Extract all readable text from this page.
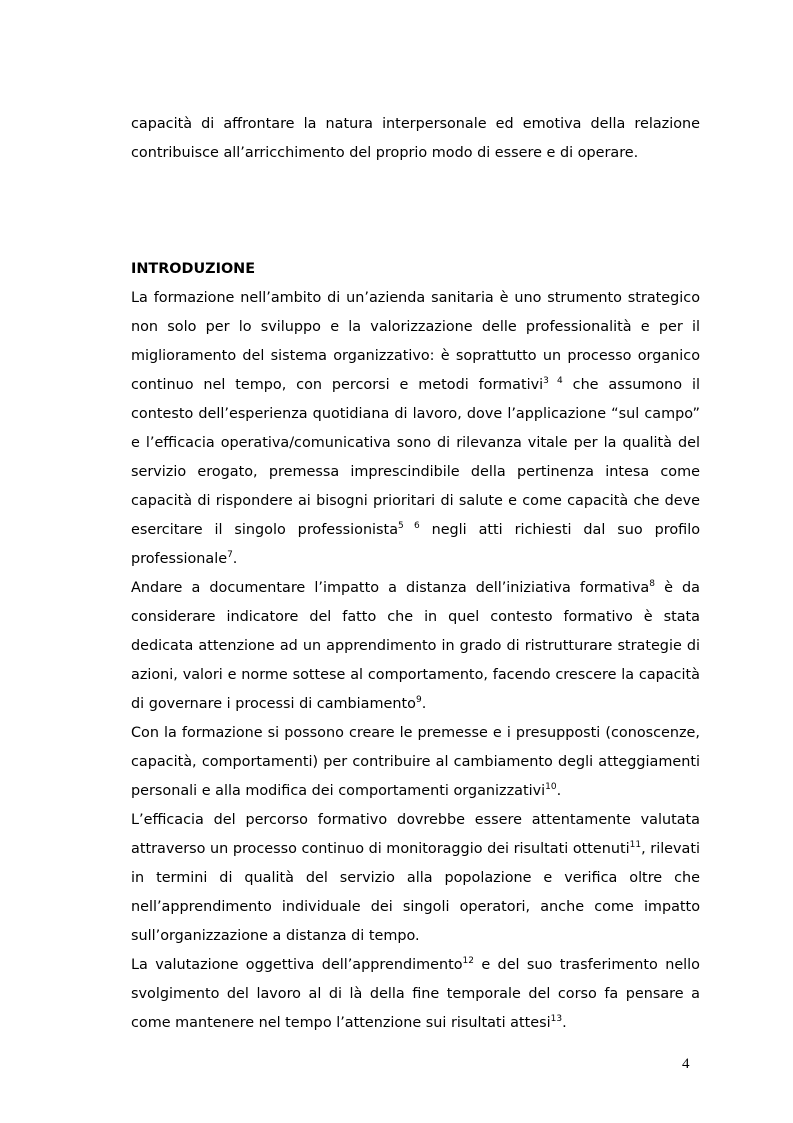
capacità di affrontare la natura interpersonale ed emotiva della relazione contribuisce all’arricchimento del proprio modo di essere e di operare.

INTRODUZIONE

La formazione nell’ambito di un’azienda sanitaria è uno strumento strategico non solo per lo sviluppo e la valorizzazione delle professionalità e per il miglioramento del sistema organizzativo: è soprattutto un processo organico continuo nel tempo, con percorsi e metodi formativi$^{3 4}$ che assumono il contesto dell’esperienza quotidiana di lavoro, dove l’applicazione “sul campo” e l’efficacia operativa/comunicativa sono di rilevanza vitale per la qualità del servizio erogato, premessa imprescindibile della pertinenza intesa come capacità di rispondere ai bisogni prioritari di salute e come capacità che deve esercitare il singolo professionista$^{5 6}$ negli atti richiesti dal suo profilo professionale$^7$.

Andare a documentare l’impatto a distanza dell’iniziativa formativa$^8$ è da considerare indicatore del fatto che in quel contesto formativo è stata dedicata attenzione ad un apprendimento in grado di ristrutturare strategie di azioni, valori e norme sottese al comportamento, facendo crescere la capacità di governare i processi di cambiamento$^9$.

Con la formazione si possono creare le premesse e i presupposti (conoscenze, capacità, comportamenti) per contribuire al cambiamento degli atteggiamenti personali e alla modifica dei comportamenti organizzativi$^{10}$.

L’efficacia del percorso formativo dovrebbe essere attentamente valutata attraverso un processo continuo di monitoraggio dei risultati ottenuti$^{11}$, rilevati in termini di qualità del servizio alla popolazione e verifica oltre che nell’apprendimento individuale dei singoli operatori, anche come impatto sull’organizzazione a distanza di tempo.

La valutazione oggettiva dell’apprendimento$^{12}$ e del suo trasferimento nello svolgimento del lavoro al di là della fine temporale del corso fa pensare a come mantenere nel tempo l’attenzione sui risultati attesi$^{13}$.

4
